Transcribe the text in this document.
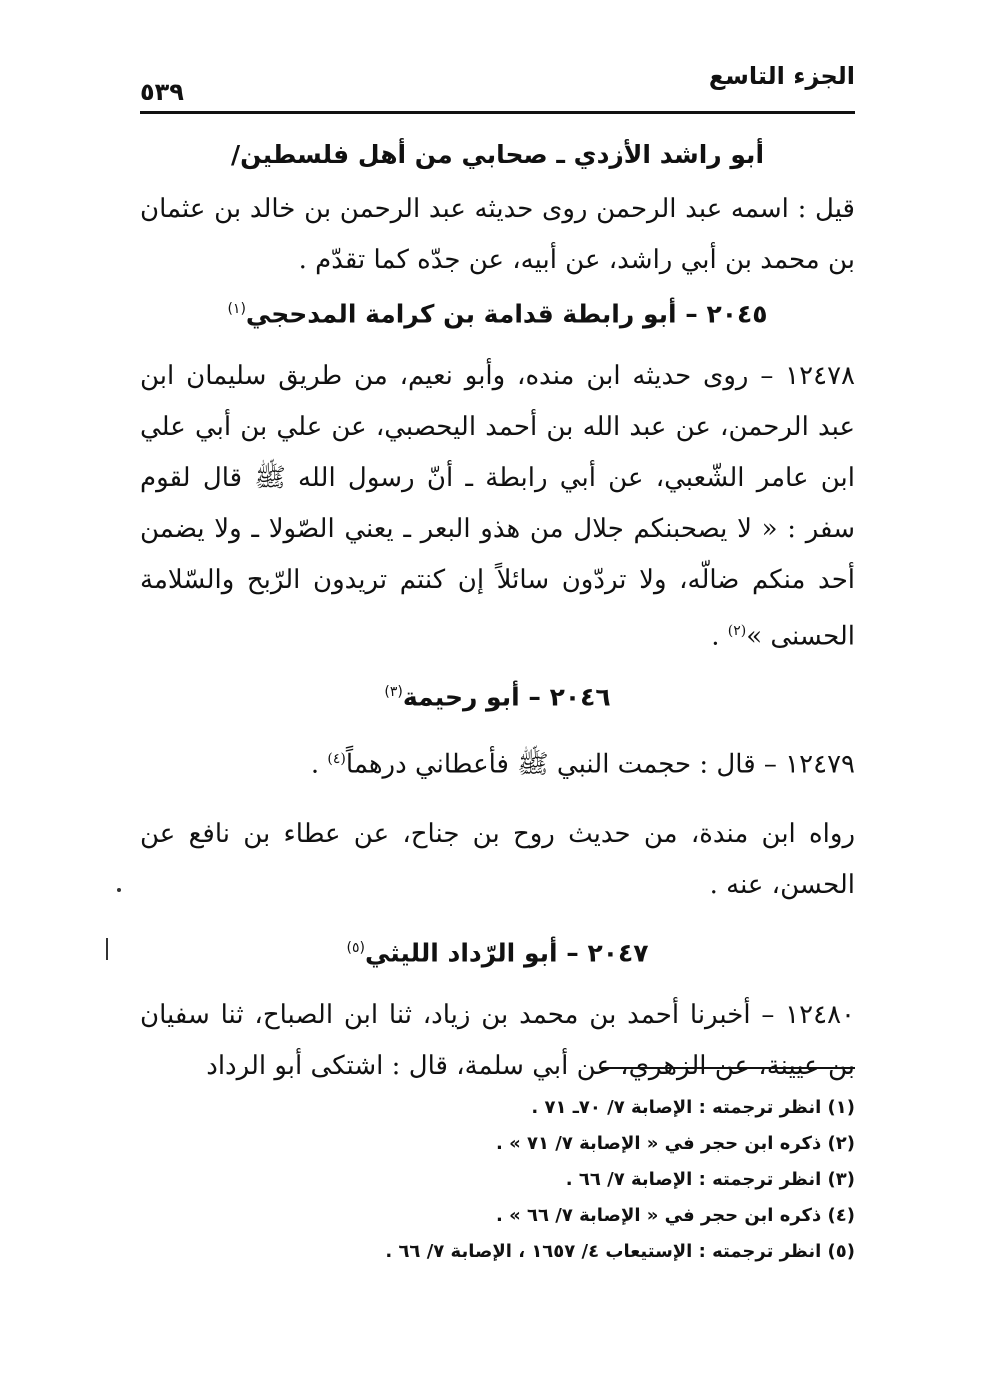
الجزء التاسع
٥٣٩

أبو راشد الأزدي ـ صحابي من أهل فلسطين/

قيل : اسمه عبد الرحمن روى حديثه عبد الرحمن بن خالد بن عثمان بن محمد بن أبي راشد، عن أبيه، عن جدّه كما تقدّم .

٢٠٤٥ – أبو رابطة قدامة بن كرامة المدحجي$^{(١)}$

١٢٤٧٨ – روى حديثه ابن منده، وأبو نعيم، من طريق سليمان ابن عبد الرحمن، عن عبد الله بن أحمد اليحصبي، عن علي بن أبي علي ابن عامر الشّعبي، عن أبي رابطة ـ أنّ رسول الله ﷺ قال لقوم سفر : « لا يصحبنكم جلال من هذو البعر ـ يعني الصّولا ـ ولا يضمن أحد منكم ضالّه، ولا تردّون سائلاً إن كنتم تريدون الرّبح والسّلامة الحسنى »$^{(٢)}$ .

٢٠٤٦ – أبو رحيمة$^{(٣)}$

١٢٤٧٩ – قال : حجمت النبي ﷺ فأعطاني درهماً$^{(٤)}$ .

رواه ابن مندة، من حديث روح بن جناح، عن عطاء بن نافع عن الحسن، عنه .

٢٠٤٧ – أبو الرّداد الليثي$^{(٥)}$

١٢٤٨٠ – أخبرنا أحمد بن محمد بن زياد، ثنا ابن الصباح، ثنا سفيان بن عيينة، عن الزهري، عن أبي سلمة، قال : اشتكى أبو الرداد

(١) انظر ترجمته : الإصابة ٧/ ٧٠ـ ٧١ .

(٢) ذكره ابن حجر في « الإصابة ٧/ ٧١ » .

(٣) انظر ترجمته : الإصابة ٧/ ٦٦ .

(٤) ذكره ابن حجر في « الإصابة ٧/ ٦٦ » .

(٥) انظر ترجمته : الإستيعاب ٤/ ١٦٥٧ ، الإصابة ٧/ ٦٦ .
